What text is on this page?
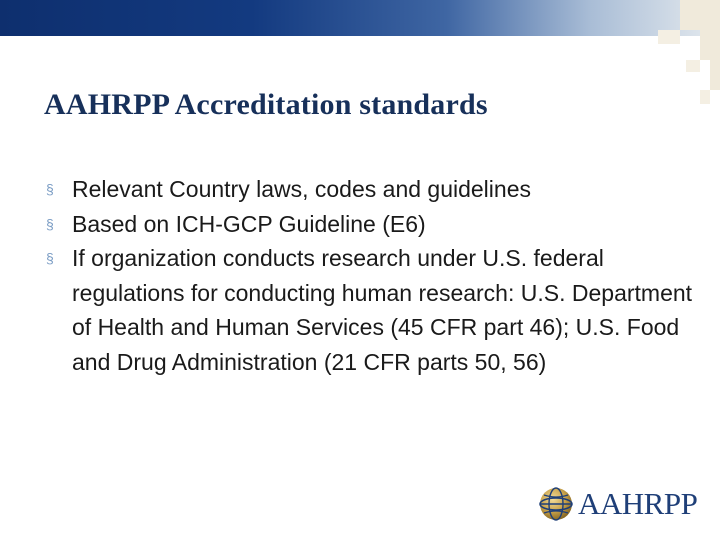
AAHRPP Accreditation standards
§ Relevant Country laws, codes and guidelines
§ Based on ICH-GCP Guideline (E6)
§ If organization conducts research under U.S. federal regulations for conducting human research: U.S. Department of Health and Human Services (45 CFR part 46); U.S. Food and Drug Administration (21 CFR parts 50, 56)
AAHRPP
